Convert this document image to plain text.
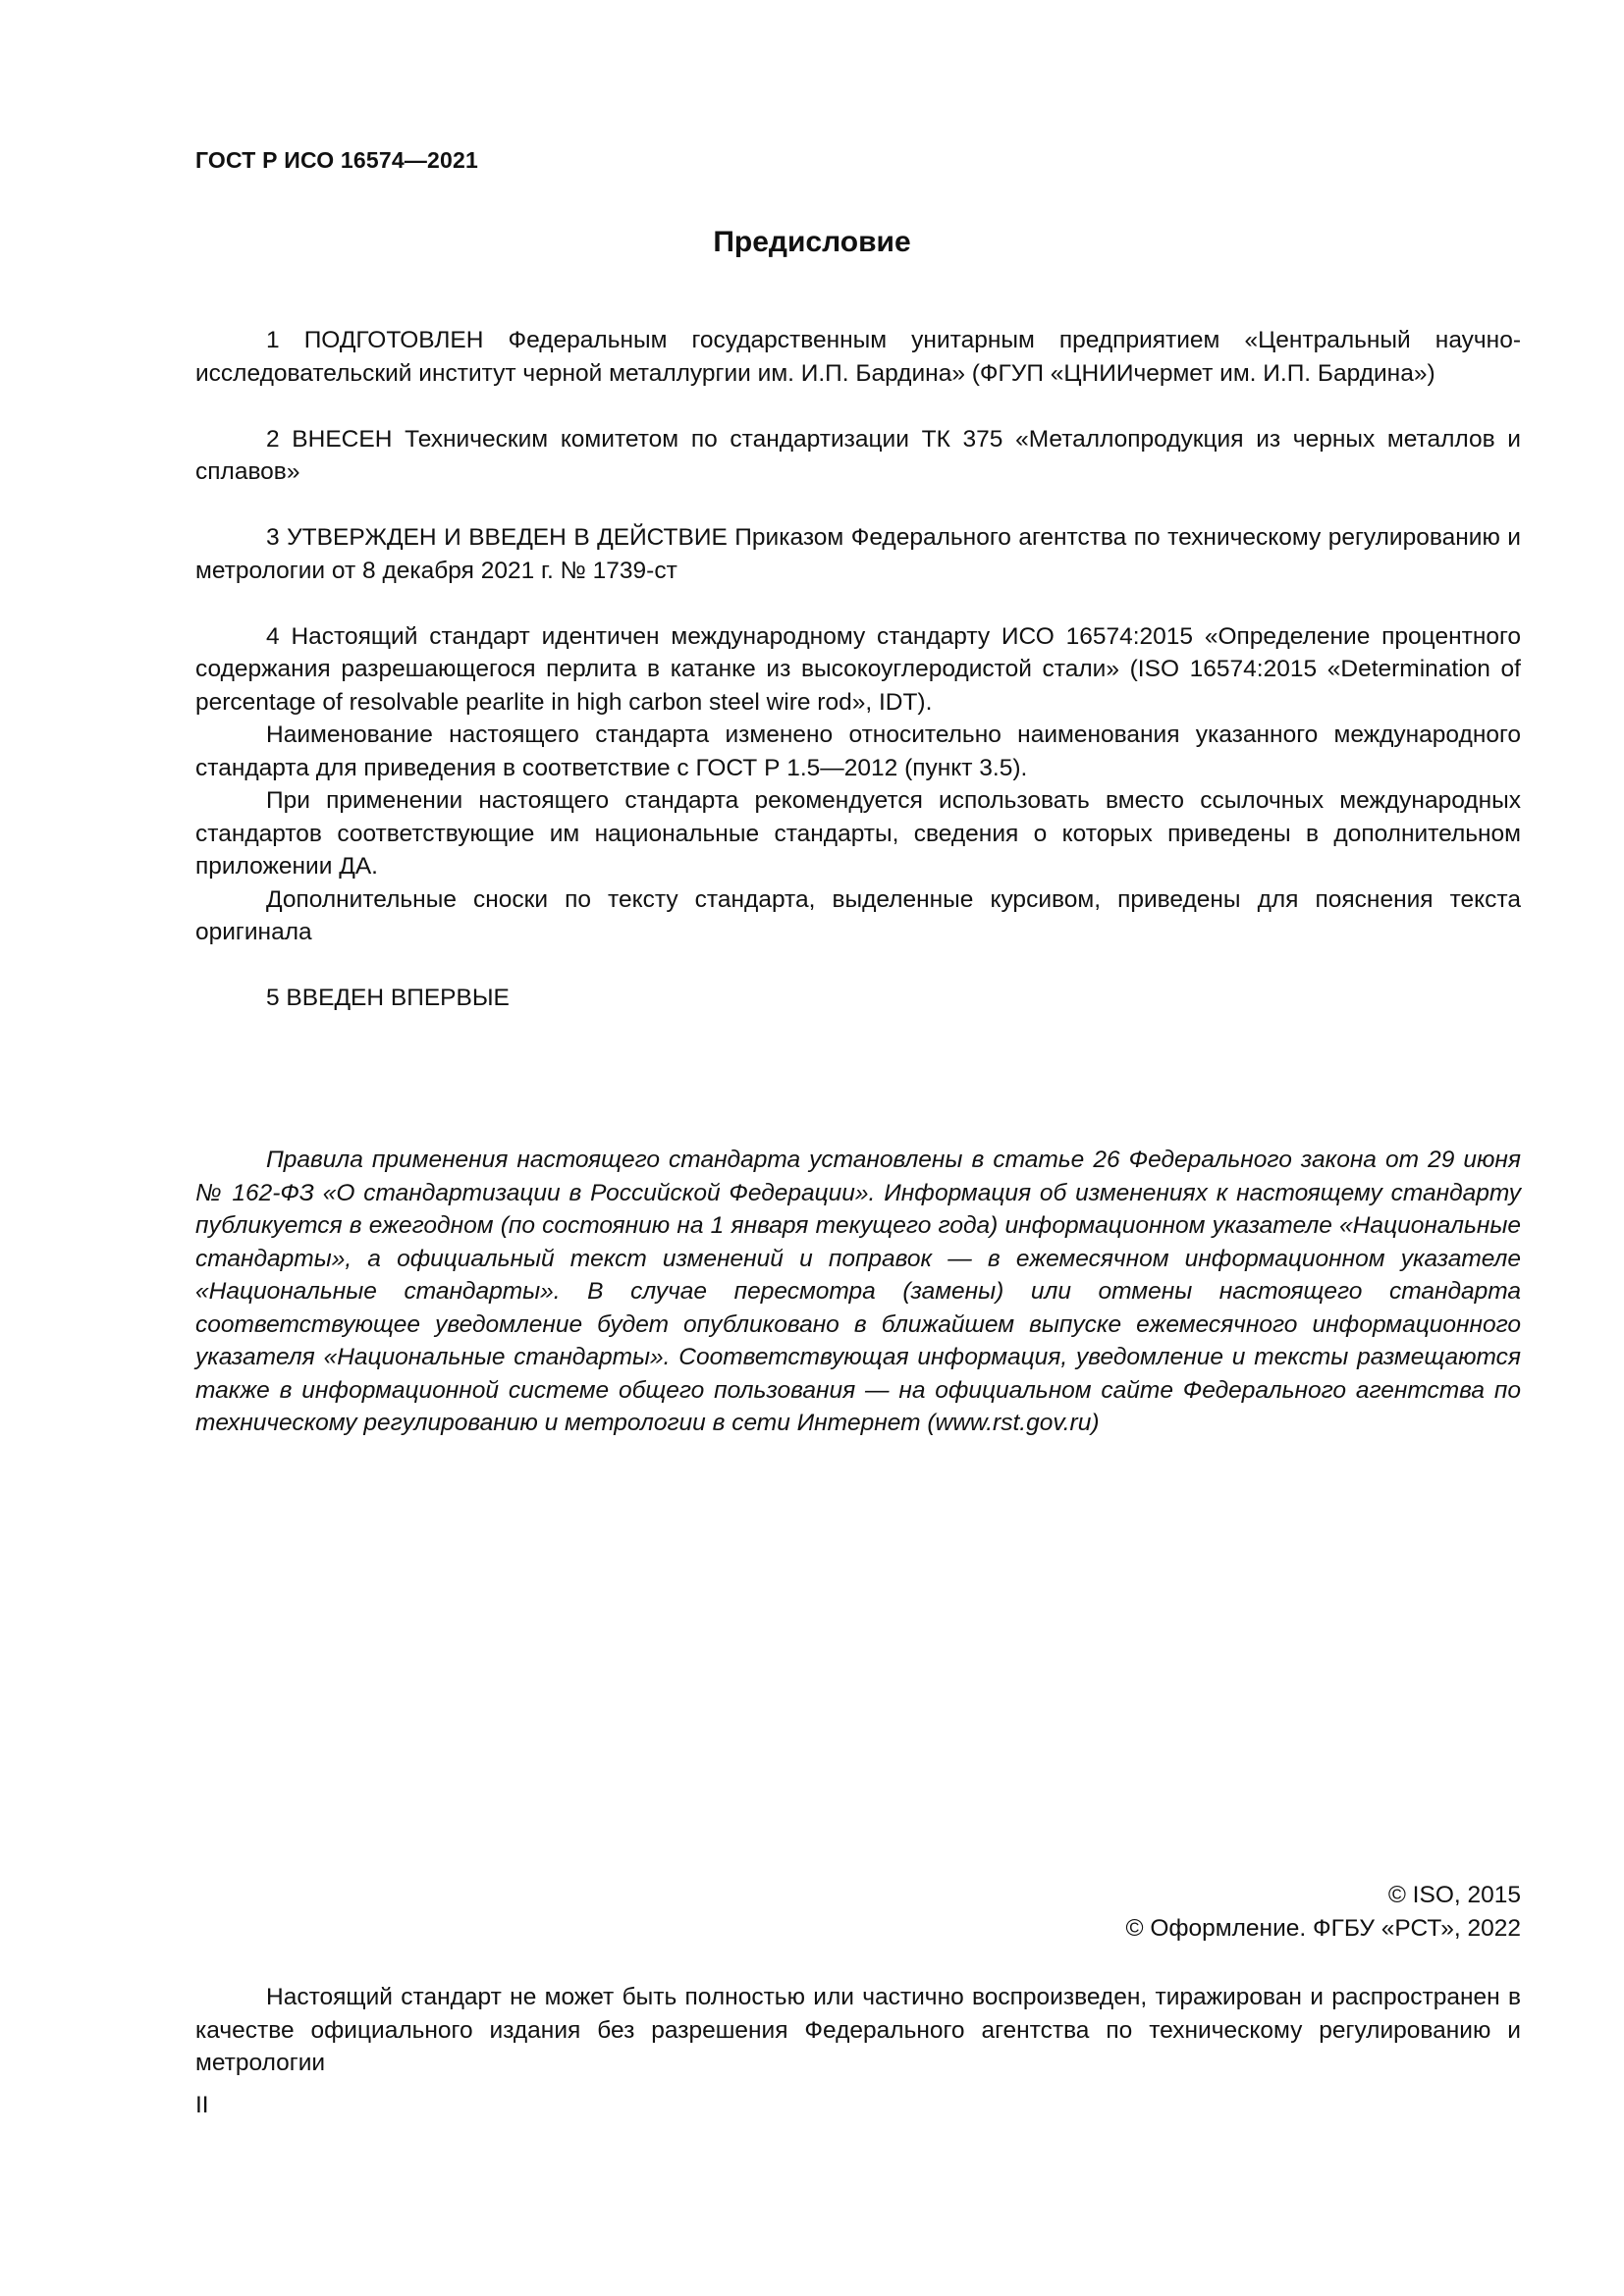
ГОСТ Р ИСО 16574—2021
Предисловие

1 ПОДГОТОВЛЕН Федеральным государственным унитарным предприятием «Центральный научно-исследовательский институт черной металлургии им. И.П. Бардина» (ФГУП «ЦНИИчермет им. И.П. Бардина»)

2 ВНЕСЕН Техническим комитетом по стандартизации ТК 375 «Металлопродукция из черных металлов и сплавов»

3 УТВЕРЖДЕН И ВВЕДЕН В ДЕЙСТВИЕ Приказом Федерального агентства по техническому регулированию и метрологии от 8 декабря 2021 г. № 1739-ст

4 Настоящий стандарт идентичен международному стандарту ИСО 16574:2015 «Определение процентного содержания разрешающегося перлита в катанке из высокоуглеродистой стали» (ISO 16574:2015 «Determination of percentage of resolvable pearlite in high carbon steel wire rod», IDT).

Наименование настоящего стандарта изменено относительно наименования указанного международного стандарта для приведения в соответствие с ГОСТ Р 1.5—2012 (пункт 3.5).

При применении настоящего стандарта рекомендуется использовать вместо ссылочных международных стандартов соответствующие им национальные стандарты, сведения о которых приведены в дополнительном приложении ДА.

Дополнительные сноски по тексту стандарта, выделенные курсивом, приведены для пояснения текста оригинала

5 ВВЕДЕН ВПЕРВЫЕ

Правила применения настоящего стандарта установлены в статье 26 Федерального закона от 29 июня № 162-ФЗ «О стандартизации в Российской Федерации». Информация об изменениях к настоящему стандарту публикуется в ежегодном (по состоянию на 1 января текущего года) информационном указателе «Национальные стандарты», а официальный текст изменений и поправок — в ежемесячном информационном указателе «Национальные стандарты». В случае пересмотра (замены) или отмены настоящего стандарта соответствующее уведомление будет опубликовано в ближайшем выпуске ежемесячного информационного указателя «Национальные стандарты». Соответствующая информация, уведомление и тексты размещаются также в информационной системе общего пользования — на официальном сайте Федерального агентства по техническому регулированию и метрологии в сети Интернет (www.rst.gov.ru)

© ISO, 2015
© Оформление. ФГБУ «РСТ», 2022

Настоящий стандарт не может быть полностью или частично воспроизведен, тиражирован и распространен в качестве официального издания без разрешения Федерального агентства по техническому регулированию и метрологии

II
